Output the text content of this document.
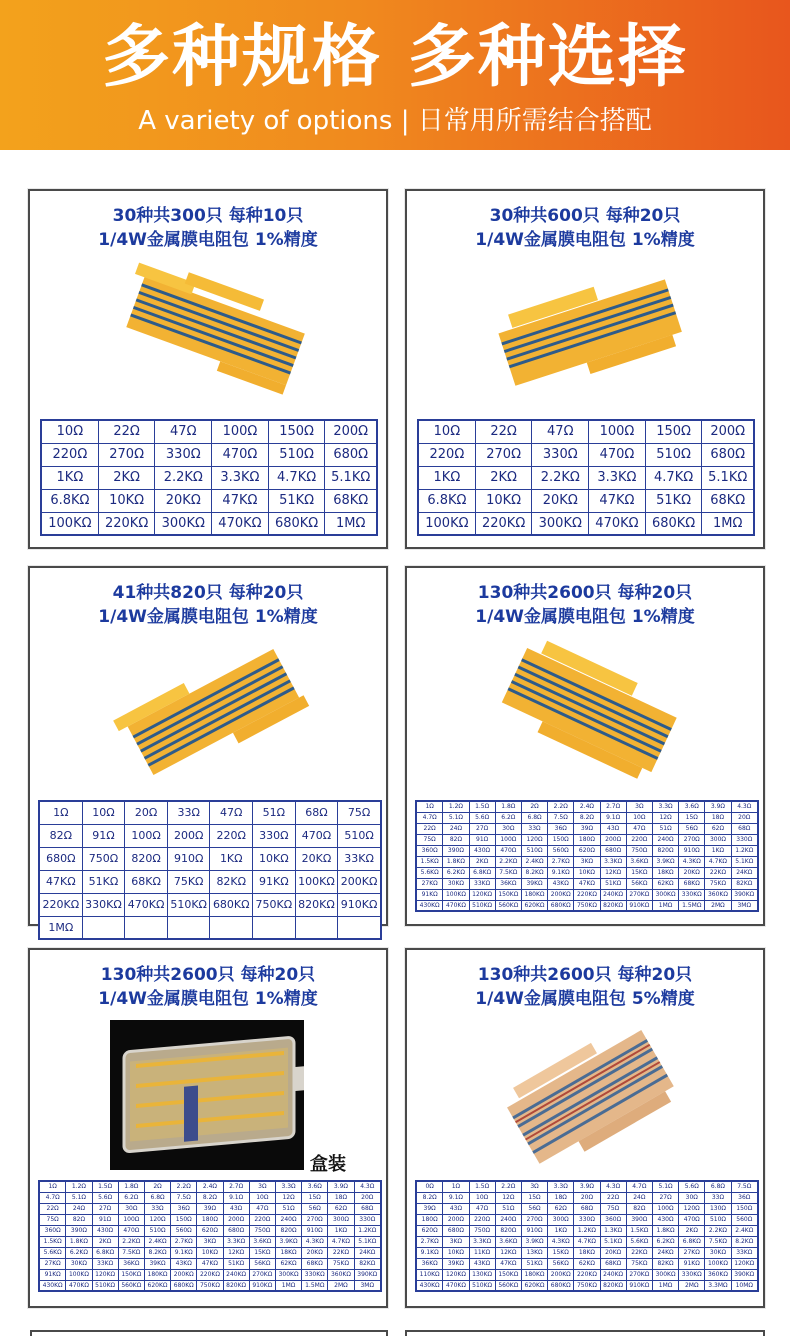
多种规格 多种选择
A variety of options | 日常用所需结合搭配
30种共300只 每种10只
1/4W金属膜电阻包 1%精度
10Ω	22Ω	47Ω	100Ω	150Ω	200Ω
220Ω	270Ω	330Ω	470Ω	510Ω	680Ω
1KΩ	2KΩ	2.2KΩ	3.3KΩ	4.7KΩ	5.1KΩ
6.8KΩ	10KΩ	20KΩ	47KΩ	51KΩ	68KΩ
100KΩ	220KΩ	300KΩ	470KΩ	680KΩ	1MΩ
30种共600只 每种20只
1/4W金属膜电阻包 1%精度
10Ω	22Ω	47Ω	100Ω	150Ω	200Ω
220Ω	270Ω	330Ω	470Ω	510Ω	680Ω
1KΩ	2KΩ	2.2KΩ	3.3KΩ	4.7KΩ	5.1KΩ
6.8KΩ	10KΩ	20KΩ	47KΩ	51KΩ	68KΩ
100KΩ	220KΩ	300KΩ	470KΩ	680KΩ	1MΩ
41种共820只 每种20只
1/4W金属膜电阻包 1%精度
1Ω	10Ω	20Ω	33Ω	47Ω	51Ω	68Ω	75Ω
82Ω	91Ω	100Ω	200Ω	220Ω	330Ω	470Ω	510Ω
680Ω	750Ω	820Ω	910Ω	1KΩ	10KΩ	20KΩ	33KΩ
47KΩ	51KΩ	68KΩ	75KΩ	82KΩ	91KΩ	100KΩ	200KΩ
220KΩ	330KΩ	470KΩ	510KΩ	680KΩ	750KΩ	820KΩ	910KΩ
1MΩ							
130种共2600只 每种20只
1/4W金属膜电阻包 1%精度
1Ω	1.2Ω	1.5Ω	1.8Ω	2Ω	2.2Ω	2.4Ω	2.7Ω	3Ω	3.3Ω	3.6Ω	3.9Ω	4.3Ω
4.7Ω	5.1Ω	5.6Ω	6.2Ω	6.8Ω	7.5Ω	8.2Ω	9.1Ω	10Ω	12Ω	15Ω	18Ω	20Ω
22Ω	24Ω	27Ω	30Ω	33Ω	36Ω	39Ω	43Ω	47Ω	51Ω	56Ω	62Ω	68Ω
75Ω	82Ω	91Ω	100Ω	120Ω	150Ω	180Ω	200Ω	220Ω	240Ω	270Ω	300Ω	330Ω
360Ω	390Ω	430Ω	470Ω	510Ω	560Ω	620Ω	680Ω	750Ω	820Ω	910Ω	1KΩ	1.2KΩ
1.5KΩ	1.8KΩ	2KΩ	2.2KΩ	2.4KΩ	2.7KΩ	3KΩ	3.3KΩ	3.6KΩ	3.9KΩ	4.3KΩ	4.7KΩ	5.1KΩ
5.6KΩ	6.2KΩ	6.8KΩ	7.5KΩ	8.2KΩ	9.1KΩ	10KΩ	12KΩ	15KΩ	18KΩ	20KΩ	22KΩ	24KΩ
27KΩ	30KΩ	33KΩ	36KΩ	39KΩ	43KΩ	47KΩ	51KΩ	56KΩ	62KΩ	68KΩ	75KΩ	82KΩ
91KΩ	100KΩ	120KΩ	150KΩ	180KΩ	200KΩ	220KΩ	240KΩ	270KΩ	300KΩ	330KΩ	360KΩ	390KΩ
430KΩ	470KΩ	510KΩ	560KΩ	620KΩ	680KΩ	750KΩ	820KΩ	910KΩ	1MΩ	1.5MΩ	2MΩ	3MΩ
130种共2600只 每种20只
1/4W金属膜电阻包 1%精度
盒装
1Ω	1.2Ω	1.5Ω	1.8Ω	2Ω	2.2Ω	2.4Ω	2.7Ω	3Ω	3.3Ω	3.6Ω	3.9Ω	4.3Ω
4.7Ω	5.1Ω	5.6Ω	6.2Ω	6.8Ω	7.5Ω	8.2Ω	9.1Ω	10Ω	12Ω	15Ω	18Ω	20Ω
22Ω	24Ω	27Ω	30Ω	33Ω	36Ω	39Ω	43Ω	47Ω	51Ω	56Ω	62Ω	68Ω
75Ω	82Ω	91Ω	100Ω	120Ω	150Ω	180Ω	200Ω	220Ω	240Ω	270Ω	300Ω	330Ω
360Ω	390Ω	430Ω	470Ω	510Ω	560Ω	620Ω	680Ω	750Ω	820Ω	910Ω	1KΩ	1.2KΩ
1.5KΩ	1.8KΩ	2KΩ	2.2KΩ	2.4KΩ	2.7KΩ	3KΩ	3.3KΩ	3.6KΩ	3.9KΩ	4.3KΩ	4.7KΩ	5.1KΩ
5.6KΩ	6.2KΩ	6.8KΩ	7.5KΩ	8.2KΩ	9.1KΩ	10KΩ	12KΩ	15KΩ	18KΩ	20KΩ	22KΩ	24KΩ
27KΩ	30KΩ	33KΩ	36KΩ	39KΩ	43KΩ	47KΩ	51KΩ	56KΩ	62KΩ	68KΩ	75KΩ	82KΩ
91KΩ	100KΩ	120KΩ	150KΩ	180KΩ	200KΩ	220KΩ	240KΩ	270KΩ	300KΩ	330KΩ	360KΩ	390KΩ
430KΩ	470KΩ	510KΩ	560KΩ	620KΩ	680KΩ	750KΩ	820KΩ	910KΩ	1MΩ	1.5MΩ	2MΩ	3MΩ
130种共2600只 每种20只
1/4W金属膜电阻包 5%精度
0Ω	1Ω	1.5Ω	2.2Ω	3Ω	3.3Ω	3.9Ω	4.3Ω	4.7Ω	5.1Ω	5.6Ω	6.8Ω	7.5Ω
8.2Ω	9.1Ω	10Ω	12Ω	15Ω	18Ω	20Ω	22Ω	24Ω	27Ω	30Ω	33Ω	36Ω
39Ω	43Ω	47Ω	51Ω	56Ω	62Ω	68Ω	75Ω	82Ω	100Ω	120Ω	130Ω	150Ω
180Ω	200Ω	220Ω	240Ω	270Ω	300Ω	330Ω	360Ω	390Ω	430Ω	470Ω	510Ω	560Ω
620Ω	680Ω	750Ω	820Ω	910Ω	1KΩ	1.2KΩ	1.3KΩ	1.5KΩ	1.8KΩ	2KΩ	2.2KΩ	2.4KΩ
2.7KΩ	3KΩ	3.3KΩ	3.6KΩ	3.9KΩ	4.3KΩ	4.7KΩ	5.1KΩ	5.6KΩ	6.2KΩ	6.8KΩ	7.5KΩ	8.2KΩ
9.1KΩ	10KΩ	11KΩ	12KΩ	13KΩ	15KΩ	18KΩ	20KΩ	22KΩ	24KΩ	27KΩ	30KΩ	33KΩ
36KΩ	39KΩ	43KΩ	47KΩ	51KΩ	56KΩ	62KΩ	68KΩ	75KΩ	82KΩ	91KΩ	100KΩ	120KΩ
110KΩ	120KΩ	130KΩ	150KΩ	180KΩ	200KΩ	220KΩ	240KΩ	270KΩ	300KΩ	330KΩ	360KΩ	390KΩ
430KΩ	470KΩ	510KΩ	560KΩ	620KΩ	680KΩ	750KΩ	820KΩ	910KΩ	1MΩ	2MΩ	3.3MΩ	10MΩ
